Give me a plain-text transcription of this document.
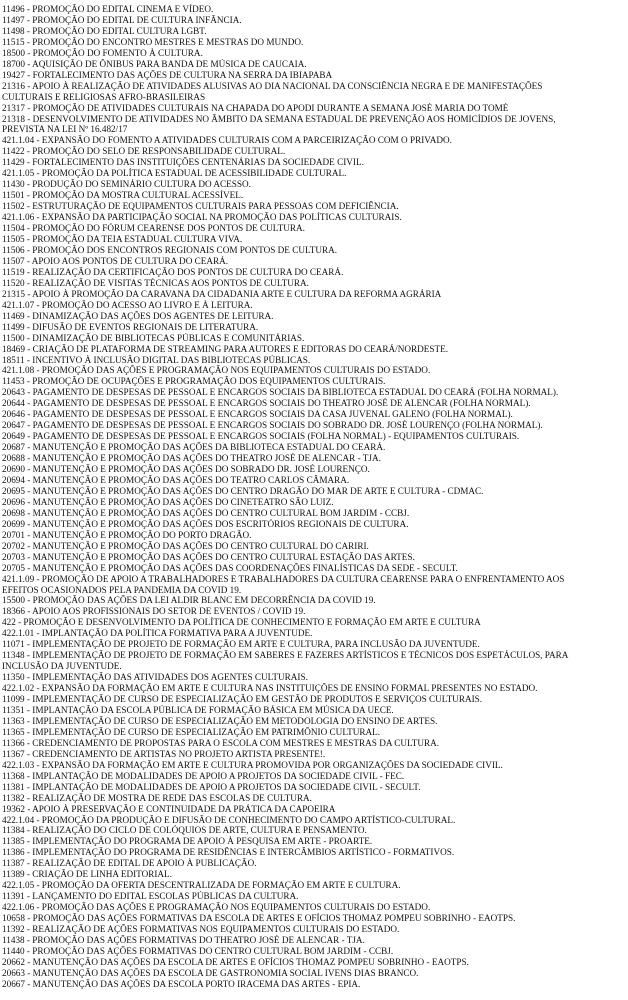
11496 - PROMOÇÃO DO EDITAL CINEMA E VÍDEO.
11497 - PROMOÇÃO DO EDITAL DE CULTURA INFÂNCIA.
11498 - PROMOÇÃO DO EDITAL CULTURA LGBT.
11515 - PROMOÇÃO DO ENCONTRO MESTRES E MESTRAS DO MUNDO.
18500 - PROMOÇÃO DO FOMENTO À CULTURA.
18700 - AQUISIÇÃO DE ÔNIBUS PARA BANDA DE MÚSICA DE CAUCAIA.
19427 - FORTALECIMENTO DAS AÇÕES DE CULTURA NA SERRA DA IBIAPABA
21316 - APOIO À REALIZAÇÃO DE ATIVIDADES ALUSIVAS AO DIA NACIONAL DA CONSCIÊNCIA NEGRA E DE MANIFESTAÇÕES
CULTURAIS E RELIGIOSAS AFRO-BRASILEIRAS
21317 - PROMOÇÃO DE ATIVIDADES CULTURAIS NA CHAPADA DO APODI DURANTE A SEMANA JOSÉ MARIA DO TOMÉ
21318 - DESENVOLVIMENTO DE ATIVIDADES NO ÂMBITO DA SEMANA ESTADUAL DE PREVENÇÃO AOS HOMICÍDIOS DE JOVENS,
PREVISTA NA LEI Nº 16.482/17
421.1.04 - EXPANSÃO DO FOMENTO A ATIVIDADES CULTURAIS COM A PARCEIRIZAÇÃO COM O PRIVADO.
11422 - PROMOÇÃO DO SELO DE RESPONSABILIDADE CULTURAL.
11429 - FORTALECIMENTO DAS INSTITUIÇÕES CENTENÁRIAS DA SOCIEDADE CIVIL.
421.1.05 - PROMOÇÃO DA POLÍTICA ESTADUAL DE ACESSIBILIDADE CULTURAL.
11430 - PRODUÇÃO DO SEMINÁRIO CULTURA DO ACESSO.
11501 - PROMOÇÃO DA MOSTRA CULTURAL ACESSÍVEL.
11502 - ESTRUTURAÇÃO DE EQUIPAMENTOS CULTURAIS PARA PESSOAS COM DEFICIÊNCIA.
421.1.06 - EXPANSÃO DA PARTICIPAÇÃO SOCIAL NA PROMOÇÃO DAS POLÍTICAS CULTURAIS.
11504 - PROMOÇÃO DO FÓRUM CEARENSE DOS PONTOS DE CULTURA.
11505 - PROMOÇÃO DA TEIA ESTADUAL CULTURA VIVA.
11506 - PROMOÇÃO DOS ENCONTROS REGIONAIS COM PONTOS DE CULTURA.
11507 - APOIO AOS PONTOS DE CULTURA DO CEARÁ.
11519 - REALIZAÇÃO DA CERTIFICAÇÃO DOS PONTOS DE CULTURA DO CEARÁ.
11520 - REALIZAÇÃO DE VISITAS TÉCNICAS AOS PONTOS DE CULTURA.
21315 - APOIO À PROMOÇÃO DA CARAVANA DA CIDADANIA ARTE E CULTURA DA REFORMA AGRÁRIA
421.1.07 - PROMOÇÃO DO ACESSO AO LIVRO E À LEITURA.
11469 - DINAMIZAÇÃO DAS AÇÕES DOS AGENTES DE LEITURA.
11499 - DIFUSÃO DE EVENTOS REGIONAIS DE LITERATURA.
11500 - DINAMIZAÇÃO DE BIBLIOTECAS PÚBLICAS E COMUNITÁRIAS.
18469 - CRIAÇÃO DE PLATAFORMA DE STREAMING PARA AUTORES E EDITORAS DO CEARÁ/NORDESTE.
18511 - INCENTIVO À INCLUSÃO DIGITAL DAS BIBLIOTECAS PÚBLICAS.
421.1.08 - PROMOÇÃO DAS AÇÕES E PROGRAMAÇÃO NOS EQUIPAMENTOS CULTURAIS DO ESTADO.
11453 - PROMOÇÃO DE OCUPAÇÕES E PROGRAMAÇÃO DOS EQUIPAMENTOS CULTURAIS.
20643 - PAGAMENTO DE DESPESAS DE PESSOAL E ENCARGOS SOCIAIS DA BIBLIOTECA ESTADUAL DO CEARÁ (FOLHA NORMAL).
20644 - PAGAMENTO DE DESPESAS DE PESSOAL E ENCARGOS SOCIAIS DO THEATRO JOSÉ DE ALENCAR (FOLHA NORMAL).
20646 - PAGAMENTO DE DESPESAS DE PESSOAL E ENCARGOS SOCIAIS DA CASA JUVENAL GALENO (FOLHA NORMAL).
20647 - PAGAMENTO DE DESPESAS DE PESSOAL E ENCARGOS SOCIAIS DO SOBRADO DR. JOSÉ LOURENÇO (FOLHA NORMAL).
20649 - PAGAMENTO DE DESPESAS DE PESSOAL E ENCARGOS SOCIAIS (FOLHA NORMAL) - EQUIPAMENTOS CULTURAIS.
20687 - MANUTENÇÃO E PROMOÇÃO DAS AÇÕES DA BIBLIOTECA ESTADUAL DO CEARÁ.
20688 - MANUTENÇÃO E PROMOÇÃO DAS AÇÕES DO THEATRO JOSÉ DE ALENCAR - TJA.
20690 - MANUTENÇÃO E PROMOÇÃO DAS AÇÕES DO SOBRADO DR. JOSÉ LOURENÇO.
20694 - MANUTENÇÃO E PROMOÇÃO DAS AÇÕES DO TEATRO CARLOS CÂMARA.
20695 - MANUTENÇÃO E PROMOÇÃO DAS AÇÕES DO CENTRO DRAGÃO DO MAR DE ARTE E CULTURA - CDMAC.
20696 - MANUTENÇÃO E PROMOÇÃO DAS AÇÕES DO CINETEATRO SÃO LUIZ.
20698 - MANUTENÇÃO E PROMOÇÃO DAS AÇÕES DO CENTRO CULTURAL BOM JARDIM - CCBJ.
20699 - MANUTENÇÃO E PROMOÇÃO DAS AÇÕES DOS ESCRITÓRIOS REGIONAIS DE CULTURA.
20701 - MANUTENÇÃO E PROMOÇÃO DO PORTO DRAGÃO.
20702 - MANUTENÇÃO E PROMOÇÃO DAS AÇÕES DO CENTRO CULTURAL DO CARIRI.
20703 - MANUTENÇÃO E PROMOÇÃO DAS AÇÕES DO CENTRO CULTURAL ESTAÇÃO DAS ARTES.
20705 - MANUTENÇÃO E PROMOÇÃO DAS AÇÕES DAS COORDENAÇÕES FINALÍSTICAS DA SEDE - SECULT.
421.1.09 - PROMOÇÃO DE APOIO A TRABALHADORES E TRABALHADORES DA CULTURA CEARENSE PARA O ENFRENTAMENTO AOS
EFEITOS OCASIONADOS PELA PANDEMIA DA COVID 19.
15500 - PROMOÇÃO DAS AÇÕES DA LEI ALDIR BLANC EM DECORRÊNCIA DA COVID 19.
18366 - APOIO AOS PROFISSIONAIS DO SETOR DE EVENTOS / COVID 19.
422 - PROMOÇÃO E DESENVOLVIMENTO DA POLÍTICA DE CONHECIMENTO E FORMAÇÃO EM ARTE E CULTURA
422.1.01 - IMPLANTAÇÃO DA POLÍTICA FORMATIVA PARA A JUVENTUDE.
11071 - IMPLEMENTAÇÃO DE PROJETO DE FORMAÇÃO EM ARTE E CULTURA, PARA INCLUSÃO DA JUVENTUDE.
11348 - IMPLEMENTAÇÃO DE PROJETO DE FORMAÇÃO EM SABERES E FAZERES ARTÍSTICOS E TÉCNICOS DOS ESPETÁCULOS, PARA
INCLUSÃO DA JUVENTUDE.
11350 - IMPLEMENTAÇÃO DAS ATIVIDADES DOS AGENTES CULTURAIS.
422.1.02 - EXPANSÃO DA FORMAÇÃO EM ARTE E CULTURA NAS INSTITUIÇÕES DE ENSINO FORMAL PRESENTES NO ESTADO.
11099 - IMPLEMENTAÇÃO DE CURSO DE ESPECIALIZAÇÃO EM GESTÃO DE PRODUTOS E SERVIÇOS CULTURAIS.
11351 - IMPLANTAÇÃO DA ESCOLA PÚBLICA DE FORMAÇÃO BÁSICA EM MÚSICA DA UECE.
11363 - IMPLEMENTAÇÃO DE CURSO DE ESPECIALIZAÇÃO EM METODOLOGIA DO ENSINO DE ARTES.
11365 - IMPLEMENTAÇÃO DE CURSO DE ESPECIALIZAÇÃO EM PATRIMÔNIO CULTURAL.
11366 - CREDENCIAMENTO DE PROPOSTAS PARA O ESCOLA COM MESTRES E MESTRAS DA CULTURA.
11367 - CREDENCIAMENTO DE ARTISTAS NO PROJETO ARTISTA PRESENTE!.
422.1.03 - EXPANSÃO DA FORMAÇÃO EM ARTE E CULTURA PROMOVIDA POR ORGANIZAÇÕES DA SOCIEDADE CIVIL.
11368 - IMPLANTAÇÃO DE MODALIDADES DE APOIO A PROJETOS DA SOCIEDADE CIVIL - FEC.
11381 - IMPLANTAÇÃO DE MODALIDADES DE APOIO A PROJETOS DA SOCIEDADE CIVIL - SECULT.
11382 - REALIZAÇÃO DE MOSTRA DE REDE DAS ESCOLAS DE CULTURA.
19362 - APOIO À PRESERVAÇÃO E CONTINUIDADE DA PRÁTICA DA CAPOEIRA
422.1.04 - PROMOÇÃO DA PRODUÇÃO E DIFUSÃO DE CONHECIMENTO DO CAMPO ARTÍSTICO-CULTURAL.
11384 - REALIZAÇÃO DO CICLO DE COLÓQUIOS DE ARTE, CULTURA E PENSAMENTO.
11385 - IMPLEMENTAÇÃO DO PROGRAMA DE APOIO À PESQUISA EM ARTE - PROARTE.
11386 - IMPLEMENTAÇÃO DO PROGRAMA DE RESIDÊNCIAS E INTERCÂMBIOS ARTÍSTICO - FORMATIVOS.
11387 - REALIZAÇÃO DE EDITAL DE APOIO À PUBLICAÇÃO.
11389 - CRIAÇÃO DE LINHA EDITORIAL.
422.1.05 - PROMOÇÃO DA OFERTA DESCENTRALIZADA DE FORMAÇÃO EM ARTE E CULTURA.
11391 - LANÇAMENTO DO EDITAL ESCOLAS PÚBLICAS DA CULTURA.
422.1.06 - PROMOÇÃO DAS AÇÕES E PROGRAMAÇÃO NOS EQUIPAMENTOS CULTURAIS DO ESTADO.
10658 - PROMOÇÃO DAS AÇÕES FORMATIVAS DA ESCOLA DE ARTES E OFÍCIOS THOMAZ POMPEU SOBRINHO - EAOTPS.
11392 - REALIZAÇÃO DE AÇÕES FORMATIVAS NOS EQUIPAMENTOS CULTURAIS DO ESTADO.
11438 - PROMOÇÃO DAS AÇÕES FORMATIVAS DO THEATRO JOSÉ DE ALENCAR - TJA.
11440 - PROMOÇÃO DAS AÇÕES FORMATIVAS DO CENTRO CULTURAL BOM JARDIM - CCBJ.
20662 - MANUTENÇÃO DAS AÇÕES DA ESCOLA DE ARTES E OFÍCIOS THOMAZ POMPEU SOBRINHO - EAOTPS.
20663 - MANUTENÇÃO DAS AÇÕES DA ESCOLA DE GASTRONOMIA SOCIAL IVENS DIAS BRANCO.
20667 - MANUTENÇÃO DAS AÇÕES DA ESCOLA PORTO IRACEMA DAS ARTES - EPIA.
